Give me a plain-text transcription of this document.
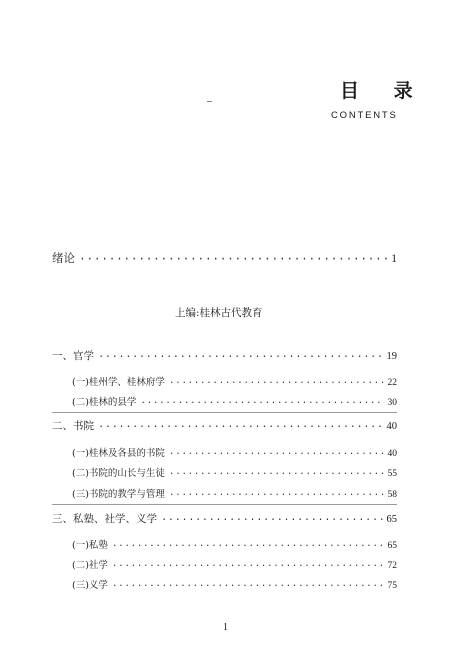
目 录
CONTENTS
绪论 ·····	1
上编:桂林古代教育
一、官学 ·····	19
(一)桂州学、桂林府学 ·····	22
(二)桂林的县学 ·····	30
二、书院 ·····	40
(一)桂林及各县的书院 ·····	40
(二)书院的山长与生徒 ·····	55
(三)书院的教学与管理 ·····	58
三、私塾、社学、义学 ·····	65
(一)私塾 ·····	65
(二)社学 ·····	72
(三)义学 ·····	75
1
